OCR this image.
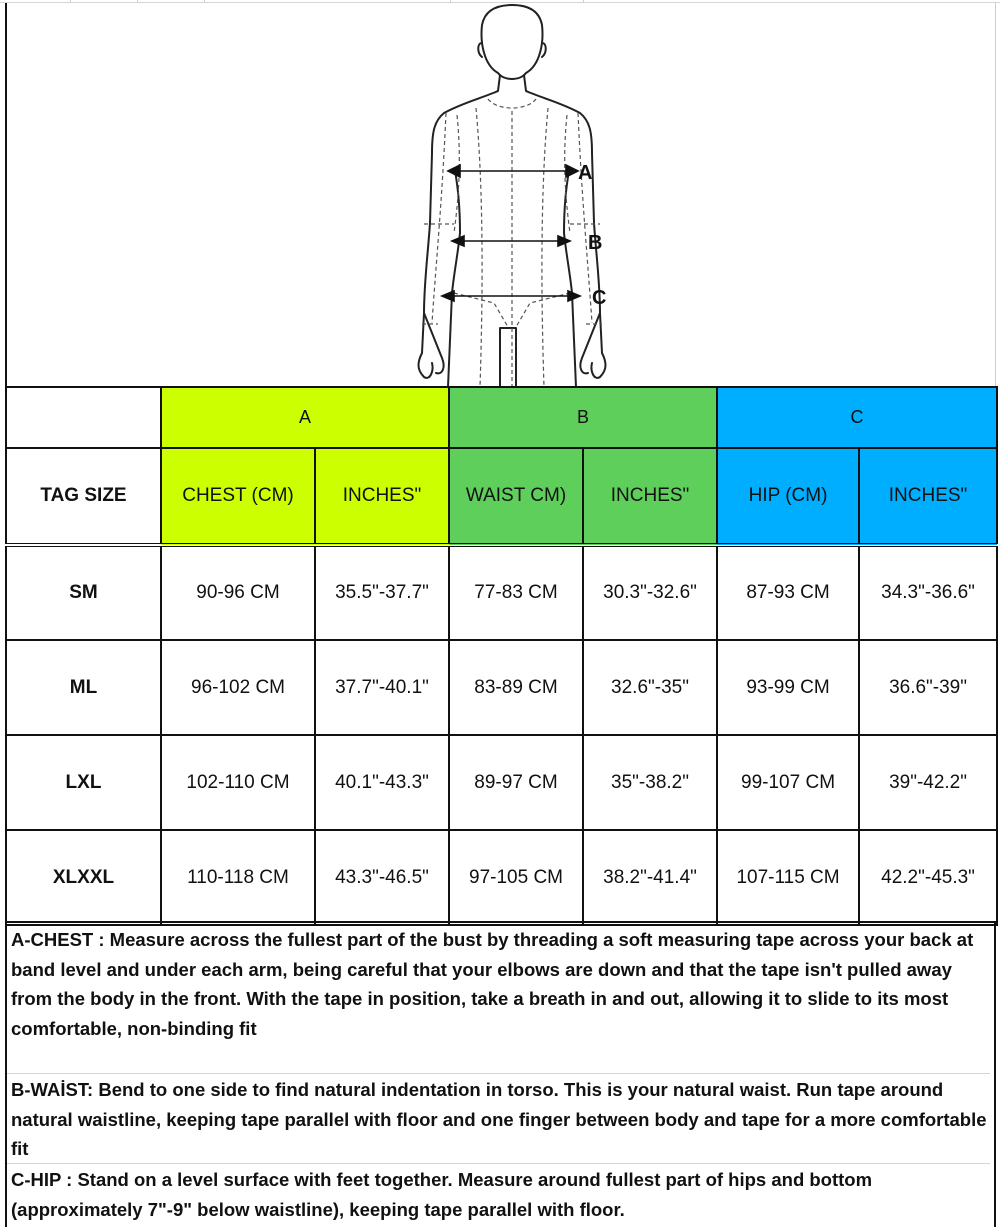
A
B
C
	A		B		C	
TAG SIZE	CHEST (CM)	INCHES"	WAIST CM)	INCHES"	HIP (CM)	INCHES"
SM	90-96 CM	35.5"-37.7"	77-83 CM	30.3"-32.6"	87-93 CM	34.3"-36.6"
ML	96-102 CM	37.7"-40.1"	83-89 CM	32.6"-35"	93-99 CM	36.6"-39"
LXL	102-110 CM	40.1"-43.3"	89-97 CM	35"-38.2"	99-107 CM	39"-42.2"
XLXXL	110-118 CM	43.3"-46.5"	97-105 CM	38.2"-41.4"	107-115 CM	42.2"-45.3"

A-CHEST : Measure across the fullest part of the bust by threading a soft measuring tape across your back at band level and under each arm, being careful that your elbows are down and that the tape isn't pulled away from the body in the front. With the tape in position, take a breath in and out, allowing it to slide to its most comfortable, non-binding fit

B-WAİST: Bend to one side to find natural indentation in torso. This is your natural waist. Run tape around natural waistline, keeping tape parallel with floor and one finger between body and tape for a more comfortable fit

C-HIP : Stand on a level surface with feet together. Measure around fullest part of hips and bottom (approximately 7"-9" below waistline), keeping tape parallel with floor.
